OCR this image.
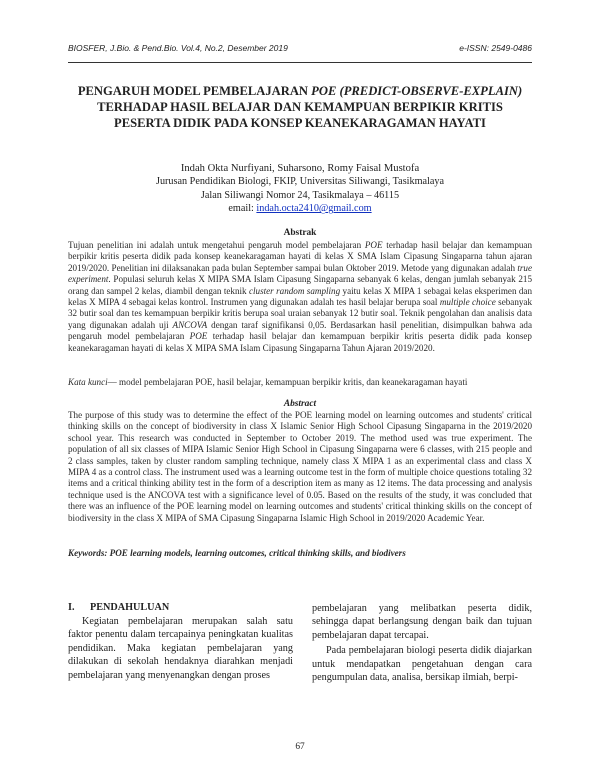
BIOSFER, J.Bio. & Pend.Bio. Vol.4, No.2, Desember 2019	e-ISSN: 2549-0486
PENGARUH MODEL PEMBELAJARAN POE (PREDICT-OBSERVE-EXPLAIN) TERHADAP HASIL BELAJAR DAN KEMAMPUAN BERPIKIR KRITIS PESERTA DIDIK PADA KONSEP KEANEKARAGAMAN HAYATI
Indah Okta Nurfiyani, Suharsono, Romy Faisal Mustofa
Jurusan Pendidikan Biologi, FKIP, Universitas Siliwangi, Tasikmalaya
Jalan Siliwangi Nomor 24, Tasikmalaya – 46115
email: indah.octa2410@gmail.com
Abstrak
Tujuan penelitian ini adalah untuk mengetahui pengaruh model pembelajaran POE terhadap hasil belajar dan kemampuan berpikir kritis peserta didik pada konsep keanekaragaman hayati di kelas X SMA Islam Cipasung Singaparna tahun ajaran 2019/2020. Penelitian ini dilaksanakan pada bulan September sampai bulan Oktober 2019. Metode yang digunakan adalah true experiment. Populasi seluruh kelas X MIPA SMA Islam Cipasung Singaparna sebanyak 6 kelas, dengan jumlah sebanyak 215 orang dan sampel 2 kelas, diambil dengan teknik cluster random sampling yaitu kelas X MIPA 1 sebagai kelas eksperimen dan kelas X MIPA 4 sebagai kelas kontrol. Instrumen yang digunakan adalah tes hasil belajar berupa soal multiple choice sebanyak 32 butir soal dan tes kemampuan berpikir kritis berupa soal uraian sebanyak 12 butir soal. Teknik pengolahan dan analisis data yang digunakan adalah uji ANCOVA dengan taraf signifikansi 0,05. Berdasarkan hasil penelitian, disimpulkan bahwa ada pengaruh model pembelajaran POE terhadap hasil belajar dan kemampuan berpikir kritis peserta didik pada konsep keanekaragaman hayati di kelas X MIPA SMA Islam Cipasung Singaparna Tahun Ajaran 2019/2020.
Kata kunci— model pembelajaran POE, hasil belajar, kemampuan berpikir kritis, dan keanekaragaman hayati
Abstract
The purpose of this study was to determine the effect of the POE learning model on learning outcomes and students' critical thinking skills on the concept of biodiversity in class X Islamic Senior High School Cipasung Singaparna in the 2019/2020 school year. This research was conducted in September to October 2019. The method used was true experiment. The population of all six classes of MIPA Islamic Senior High School in Cipasung Singaparna were 6 classes, with 215 people and 2 class samples, taken by cluster random sampling technique, namely class X MIPA 1 as an experimental class and class X MIPA 4 as a control class. The instrument used was a learning outcome test in the form of multiple choice questions totaling 32 items and a critical thinking ability test in the form of a description item as many as 12 items. The data processing and analysis technique used is the ANCOVA test with a significance level of 0.05. Based on the results of the study, it was concluded that there was an influence of the POE learning model on learning outcomes and students' critical thinking skills on the concept of biodiversity in the class X MIPA of SMA Cipasung Singaparna Islamic High School in 2019/2020 Academic Year.
Keywords: POE learning models, learning outcomes, critical thinking skills, and biodivers
I. PENDAHULUAN

Kegiatan pembelajaran merupakan salah satu faktor penentu dalam tercapainya peningkatan kualitas pendidikan. Maka kegiatan pembelajaran yang dilakukan di sekolah hendaknya diarahkan menjadi pembelajaran yang menyenangkan dengan proses

pembelajaran yang melibatkan peserta didik, sehingga dapat berlangsung dengan baik dan tujuan pembelajaran dapat tercapai.

Pada pembelajaran biologi peserta didik diajarkan untuk mendapatkan pengetahuan dengan cara pengumpulan data, analisa, bersikap ilmiah, berpi-

67
